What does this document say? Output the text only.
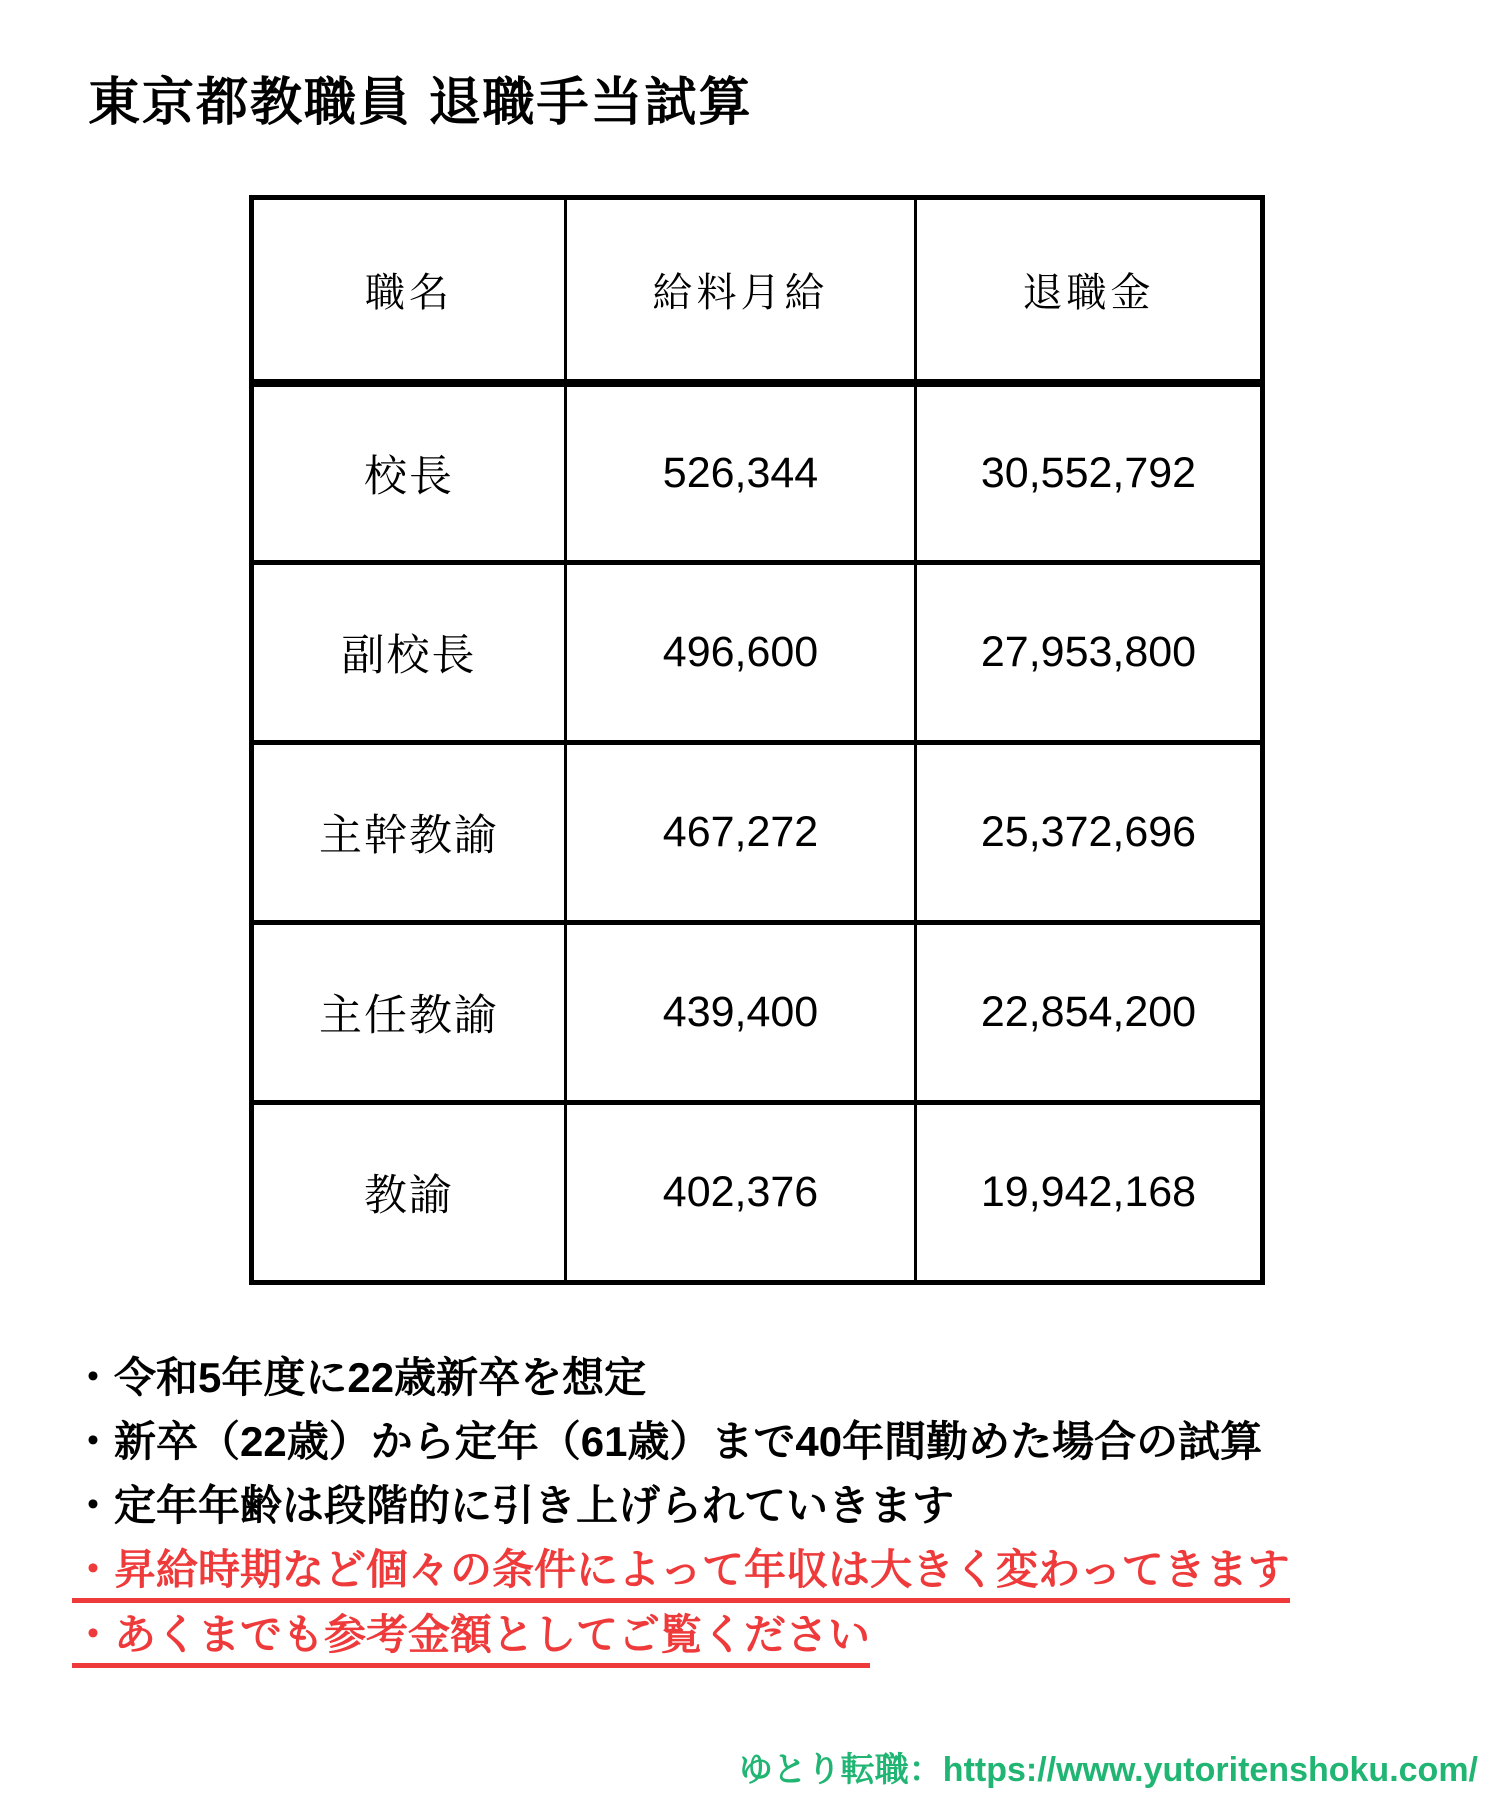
東京都教職員 退職手当試算
職名	給料月給	退職金
校長	526,344	30,552,792
副校長	496,600	27,953,800
主幹教諭	467,272	25,372,696
主任教諭	439,400	22,854,200
教諭	402,376	19,942,168
・令和5年度に22歳新卒を想定
・新卒（22歳）から定年（61歳）まで40年間勤めた場合の試算
・定年年齢は段階的に引き上げられていきます
・昇給時期など個々の条件によって年収は大きく変わってきます
・あくまでも参考金額としてご覧ください
ゆとり転職：https://www.yutoritenshoku.com/
